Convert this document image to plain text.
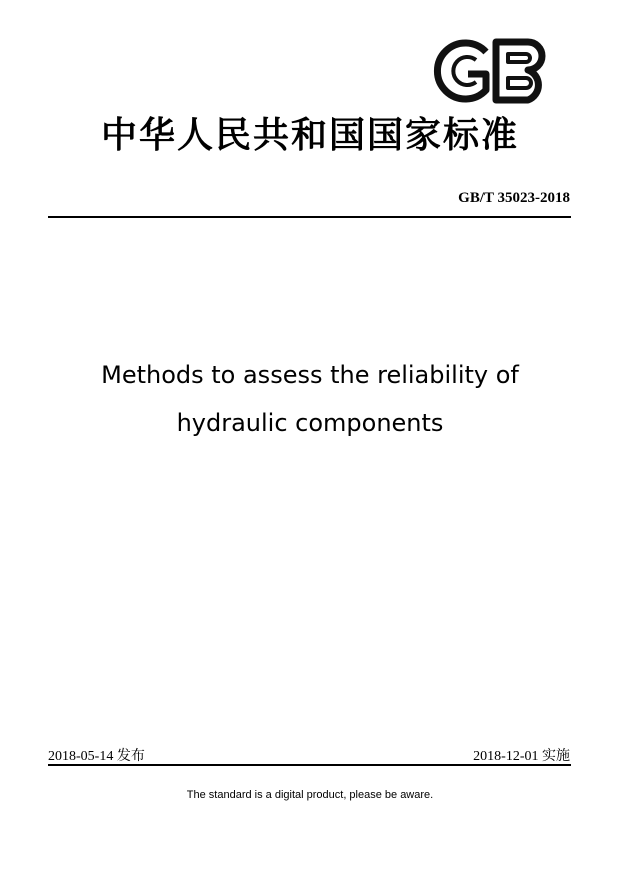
中华人民共和国国家标准
GB/T 35023-2018
Methods to assess the reliability of
hydraulic components
2018-05-14 发布	2018-12-01 实施
The standard is a digital product, please be aware.
